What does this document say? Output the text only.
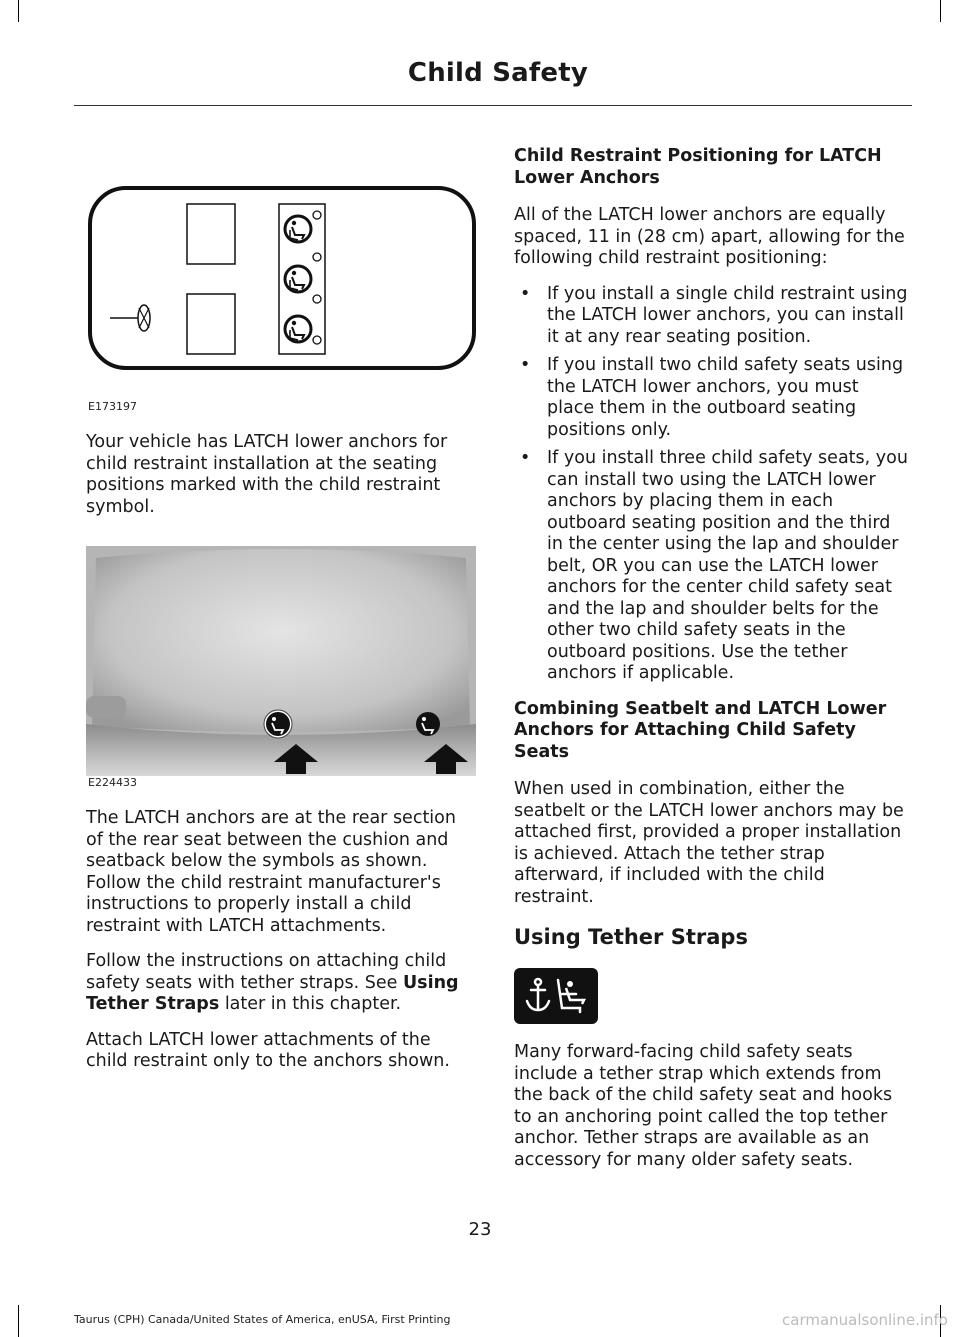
Child Safety
E173197

Your vehicle has LATCH lower anchors for child restraint installation at the seating positions marked with the child restraint symbol.

E224433

The LATCH anchors are at the rear section of the rear seat between the cushion and seatback below the symbols as shown. Follow the child restraint manufacturer's instructions to properly install a child restraint with LATCH attachments.

Follow the instructions on attaching child safety seats with tether straps. See Using Tether Straps later in this chapter.

Attach LATCH lower attachments of the child restraint only to the anchors shown.

Child Restraint Positioning for LATCH Lower Anchors

All of the LATCH lower anchors are equally spaced, 11 in (28 cm) apart, allowing for the following child restraint positioning:

• If you install a single child restraint using the LATCH lower anchors, you can install it at any rear seating position.
• If you install two child safety seats using the LATCH lower anchors, you must place them in the outboard seating positions only.
• If you install three child safety seats, you can install two using the LATCH lower anchors by placing them in each outboard seating position and the third in the center using the lap and shoulder belt, OR you can use the LATCH lower anchors for the center child safety seat and the lap and shoulder belts for the other two child safety seats in the outboard positions. Use the tether anchors if applicable.
Combining Seatbelt and LATCH Lower Anchors for Attaching Child Safety Seats

When used in combination, either the seatbelt or the LATCH lower anchors may be attached first, provided a proper installation is achieved. Attach the tether strap afterward, if included with the child restraint.

Using Tether Straps

Many forward-facing child safety seats include a tether strap which extends from the back of the child safety seat and hooks to an anchoring point called the top tether anchor. Tether straps are available as an accessory for many older safety seats.

23
Taurus (CPH) Canada/United States of America, enUSA, First Printing	carmanualsonline.info
